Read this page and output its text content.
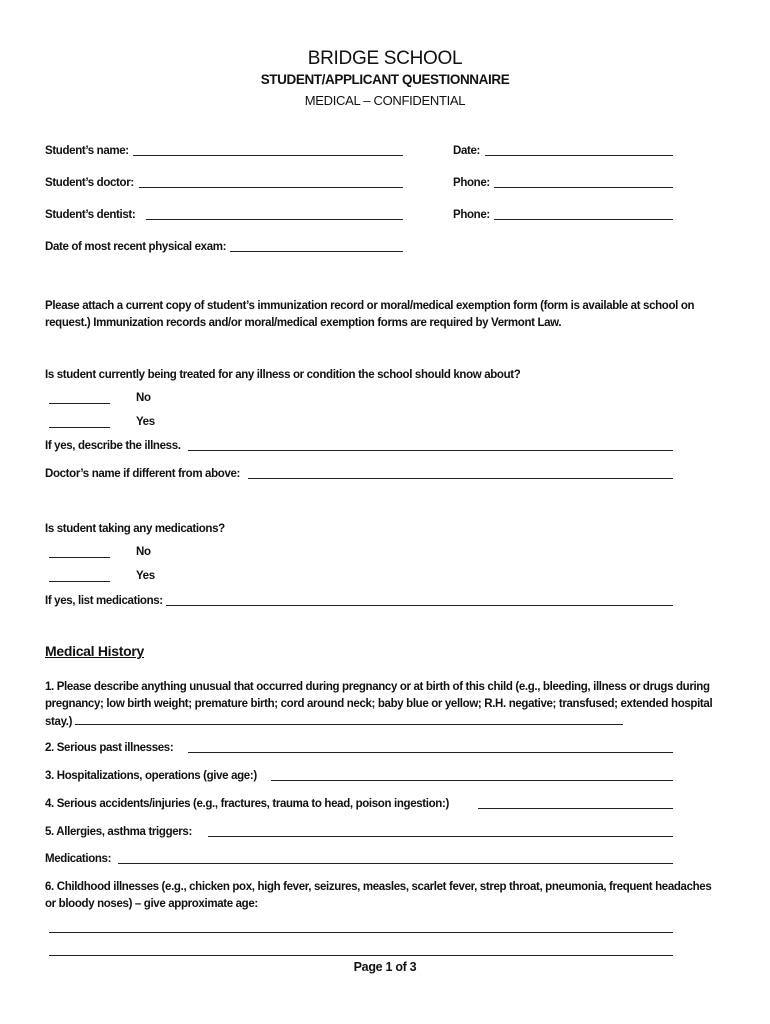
BRIDGE SCHOOL
STUDENT/APPLICANT QUESTIONNAIRE
MEDICAL – CONFIDENTIAL
Student’s name:	Date:
Student’s doctor:	Phone:
Student’s dentist:	Phone:
Date of most recent physical exam:
Please attach a current copy of student’s immunization record or moral/medical exemption form (form is available at school on request.) Immunization records and/or moral/medical exemption forms are required by Vermont Law.
Is student currently being treated for any illness or condition the school should know about?
No
Yes
If yes, describe the illness.
Doctor’s name if different from above:
Is student taking any medications?
No
Yes
If yes, list medications:
Medical History
1. Please describe anything unusual that occurred during pregnancy or at birth of this child (e.g., bleeding, illness or drugs during pregnancy; low birth weight; premature birth; cord around neck; baby blue or yellow; R.H. negative; transfused; extended hospital stay.)
2. Serious past illnesses:
3. Hospitalizations, operations (give age:)
4. Serious accidents/injuries (e.g., fractures, trauma to head, poison ingestion:)
5. Allergies, asthma triggers:
Medications:
6. Childhood illnesses (e.g., chicken pox, high fever, seizures, measles, scarlet fever, strep throat, pneumonia, frequent headaches or bloody noses) – give approximate age:
Page 1 of 3
